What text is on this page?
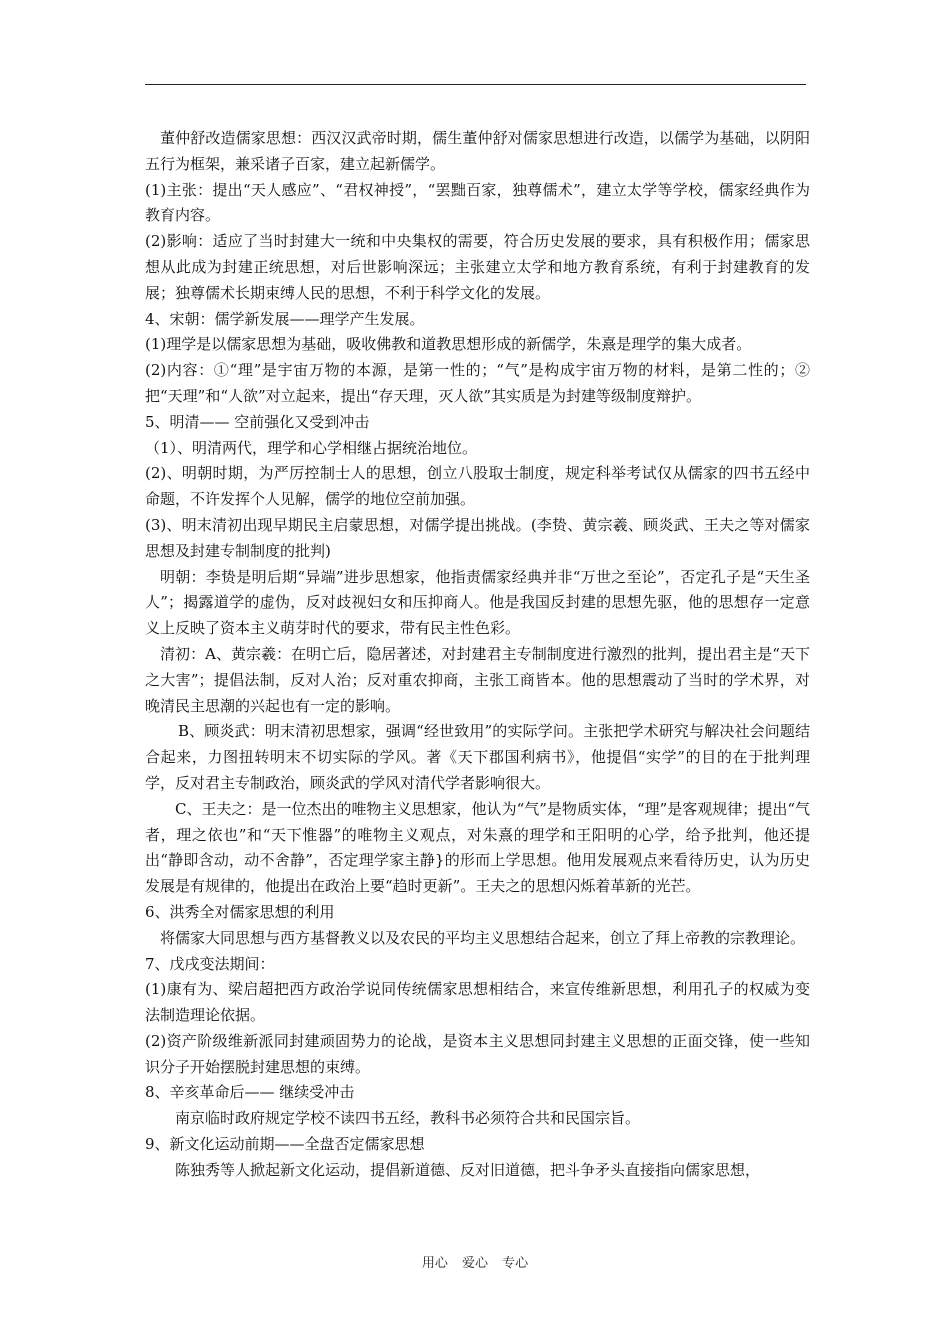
董仲舒改造儒家思想：西汉汉武帝时期，儒生董仲舒对儒家思想进行改造，以儒学为基础，以阴阳五行为框架，兼采诸子百家，建立起新儒学。

(1)主张：提出“天人感应”、“君权神授”，“罢黜百家，独尊儒术”，建立太学等学校，儒家经典作为教育内容。

(2)影响：适应了当时封建大一统和中央集权的需要，符合历史发展的要求，具有积极作用；儒家思想从此成为封建正统思想，对后世影响深远；主张建立太学和地方教育系统，有利于封建教育的发展；独尊儒术长期束缚人民的思想，不利于科学文化的发展。

4、宋朝：儒学新发展——理学产生发展。

(1)理学是以儒家思想为基础，吸收佛教和道教思想形成的新儒学，朱熹是理学的集大成者。

(2)内容：①“理”是宇宙万物的本源，是第一性的；“气”是构成宇宙万物的材料，是第二性的；②把“天理”和“人欲”对立起来，提出“存天理，灭人欲”其实质是为封建等级制度辩护。

5、明清—— 空前强化又受到冲击

（1）、明清两代，理学和心学相继占据统治地位。

(2)、明朝时期，为严厉控制士人的思想，创立八股取士制度，规定科举考试仅从儒家的四书五经中命题，不许发挥个人见解，儒学的地位空前加强。

(3)、明末清初出现早期民主启蒙思想，对儒学提出挑战。(李贽、黄宗羲、顾炎武、王夫之等对儒家思想及封建专制制度的批判)

明朝：李贽是明后期“异端”进步思想家，他指责儒家经典并非“万世之至论”，否定孔子是“天生圣人”；揭露道学的虚伪，反对歧视妇女和压抑商人。他是我国反封建的思想先驱，他的思想存一定意义上反映了资本主义萌芽时代的要求，带有民主性色彩。

清初：A、黄宗羲：在明亡后，隐居著述，对封建君主专制制度进行激烈的批判，提出君主是“天下之大害”；提倡法制，反对人治；反对重农抑商，主张工商皆本。他的思想震动了当时的学术界，对晚清民主思潮的兴起也有一定的影响。

B、顾炎武：明末清初思想家，强调“经世致用”的实际学问。主张把学术研究与解决社会问题结合起来，力图扭转明末不切实际的学风。著《天下郡国利病书》，他提倡“实学”的目的在于批判理学，反对君主专制政治，顾炎武的学风对清代学者影响很大。

C、王夫之：是一位杰出的唯物主义思想家，他认为“气”是物质实体，“理”是客观规律；提出“气者，理之依也”和“天下惟器”的唯物主义观点，对朱熹的理学和王阳明的心学，给予批判，他还提出“静即含动，动不舍静”，否定理学家主静}的形而上学思想。他用发展观点来看待历史，认为历史发展是有规律的，他提出在政治上要“趋时更新”。王夫之的思想闪烁着革新的光芒。

6、洪秀全对儒家思想的利用

将儒家大同思想与西方基督教义以及农民的平均主义思想结合起来，创立了拜上帝教的宗教理论。

7、戊戌变法期间：

(1)康有为、梁启超把西方政治学说同传统儒家思想相结合，来宣传维新思想，利用孔子的权威为变法制造理论依据。

(2)资产阶级维新派同封建顽固势力的论战，是资本主义思想同封建主义思想的正面交锋，使一些知识分子开始摆脱封建思想的束缚。

8、辛亥革命后—— 继续受冲击

南京临时政府规定学校不读四书五经，教科书必须符合共和民国宗旨。

9、新文化运动前期——全盘否定儒家思想

陈独秀等人掀起新文化运动，提倡新道德、反对旧道德，把斗争矛头直接指向儒家思想，

用心 爱心 专心
